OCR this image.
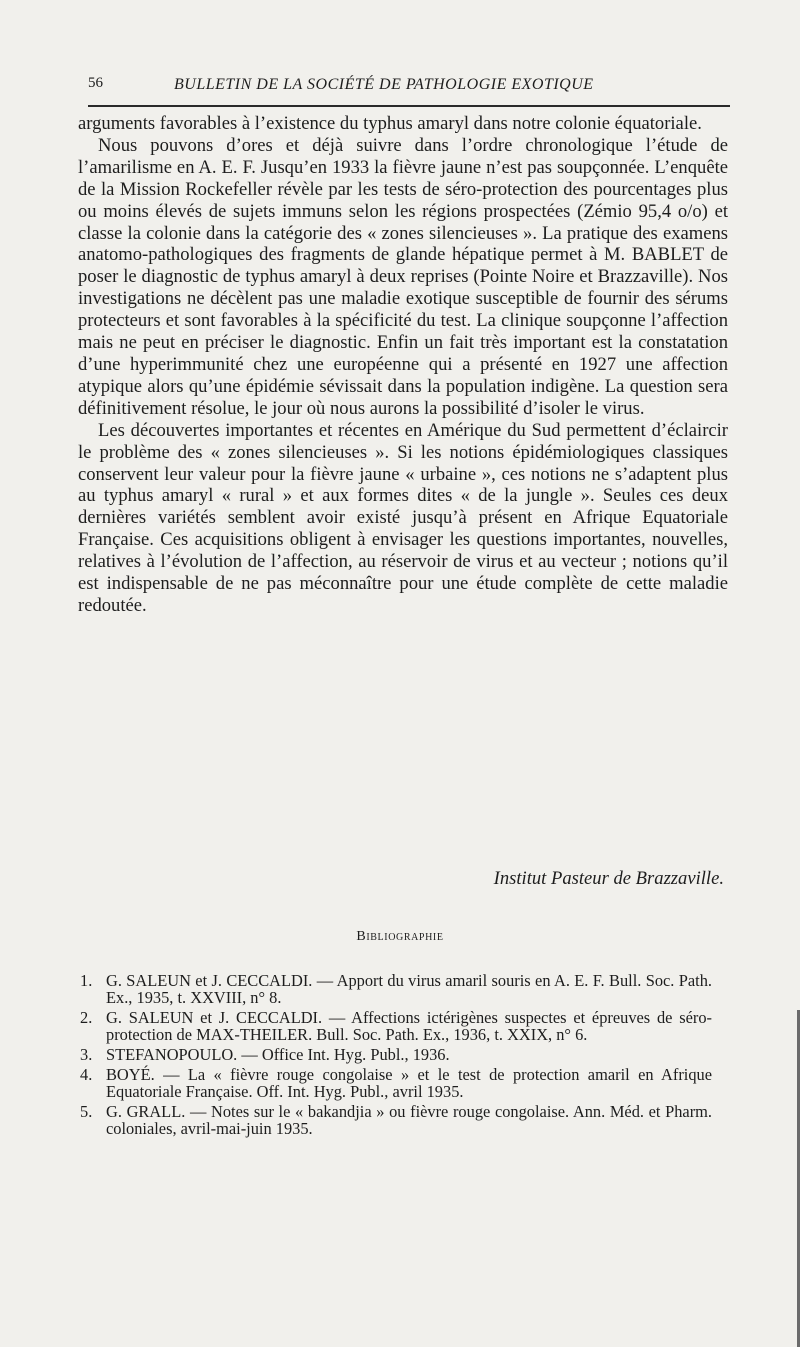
56	BULLETIN DE LA SOCIÉTÉ DE PATHOLOGIE EXOTIQUE

arguments favorables à l’existence du typhus amaryl dans notre colonie équatoriale.

Nous pouvons d’ores et déjà suivre dans l’ordre chronologique l’étude de l’amarilisme en A. E. F. Jusqu’en 1933 la fièvre jaune n’est pas soupçonnée. L’enquête de la Mission Rockefeller révèle par les tests de séro-protection des pourcentages plus ou moins élevés de sujets immuns selon les régions prospectées (Zémio 95,4 o/o) et classe la colonie dans la catégorie des « zones silencieuses ». La pratique des examens anatomo-pathologiques des fragments de glande hépatique permet à M. BABLET de poser le diagnostic de typhus amaryl à deux reprises (Pointe Noire et Brazzaville). Nos investigations ne décèlent pas une maladie exotique susceptible de fournir des sérums protecteurs et sont favorables à la spécificité du test. La clinique soupçonne l’affection mais ne peut en préciser le diagnostic. Enfin un fait très important est la constatation d’une hyperimmunité chez une européenne qui a présenté en 1927 une affection atypique alors qu’une épidémie sévissait dans la population indigène. La question sera définitivement résolue, le jour où nous aurons la possibilité d’isoler le virus.

Les découvertes importantes et récentes en Amérique du Sud permettent d’éclaircir le problème des « zones silencieuses ». Si les notions épidémiologiques classiques conservent leur valeur pour la fièvre jaune « urbaine », ces notions ne s’adaptent plus au typhus amaryl « rural » et aux formes dites « de la jungle ». Seules ces deux dernières variétés semblent avoir existé jusqu’à présent en Afrique Equatoriale Française. Ces acquisitions obligent à envisager les questions importantes, nouvelles, relatives à l’évolution de l’affection, au réservoir de virus et au vecteur ; notions qu’il est indispensable de ne pas méconnaître pour une étude complète de cette maladie redoutée.

Institut Pasteur de Brazzaville.
Bibliographie
1. G. SALEUN et J. CECCALDI. — Apport du virus amaril souris en A. E. F. Bull. Soc. Path. Ex., 1935, t. XXVIII, n° 8.
2. G. SALEUN et J. CECCALDI. — Affections ictérigènes suspectes et épreuves de séro-protection de MAX-THEILER. Bull. Soc. Path. Ex., 1936, t. XXIX, n° 6.
3. STEFANOPOULO. — Office Int. Hyg. Publ., 1936.
4. BOYÉ. — La « fièvre rouge congolaise » et le test de protection amaril en Afrique Equatoriale Française. Off. Int. Hyg. Publ., avril 1935.
5. G. GRALL. — Notes sur le « bakandjia » ou fièvre rouge congolaise. Ann. Méd. et Pharm. coloniales, avril-mai-juin 1935.
